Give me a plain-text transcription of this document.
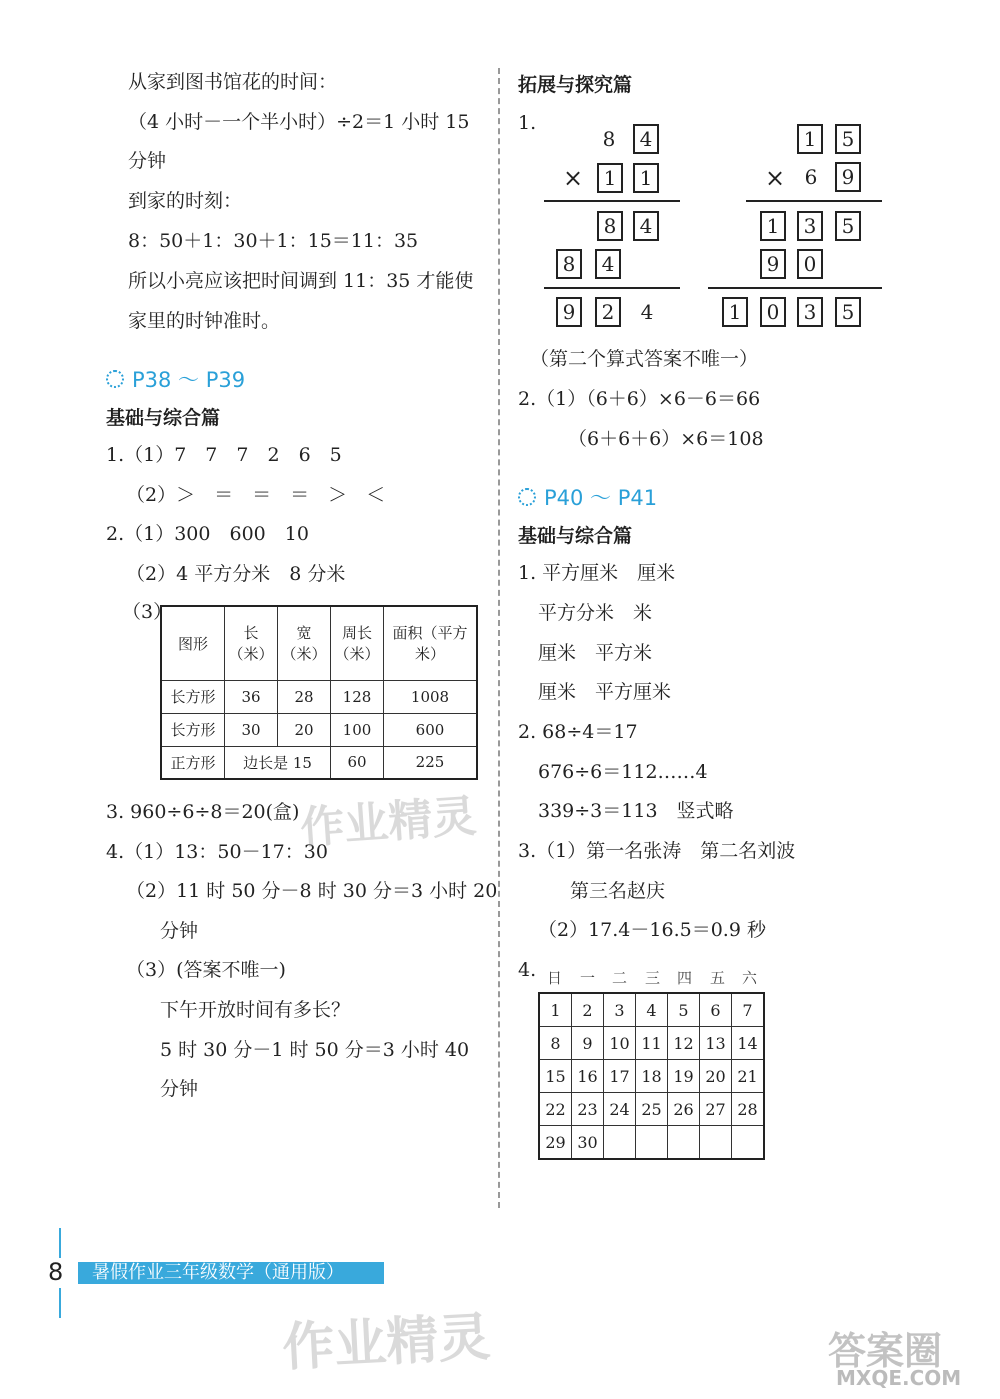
从家到图书馆花的时间：
（4 小时－一个半小时）÷2＝1 小时 15
分钟
到家的时刻：
8：50＋1：30＋1：15＝11：35
所以小亮应该把时间调到 11：35 才能使
家里的时钟准时。
P38 ～ P39
基础与综合篇
1.（1）7　7　7　2　6　5
（2）＞　＝　＝　＝　＞　＜
2.（1）300　600　10
（2）4 平方分米　8 分米
（3）
图形	长（米）	宽（米）	周长（米）	面积（平方米）
长方形	36	28	128	1008
长方形	30	20	100	600
正方形	边长是 15		60	225
3. 960÷6÷8＝20(盒)
4.（1）13：50－17：30
（2）11 时 50 分－8 时 30 分＝3 小时 20
分钟
（3）(答案不唯一)
下午开放时间有多长？
5 时 30 分－1 时 50 分＝3 小时 40
分钟
拓展与探究篇
1.
8	4
×	1	1
8	4
8	4
9	2	4
1	5
× 6	9
1	3	5
9	0
1	0	3	5
（第二个算式答案不唯一）
2.（1）（6＋6）×6－6＝66
（6＋6＋6）×6＝108
P40 ～ P41
基础与综合篇
1. 平方厘米　厘米
平方分米　米
厘米　平方米
厘米　平方厘米
2. 68÷4＝17
676÷6＝112……4
339÷3＝113　竖式略
3.（1）第一名张涛　第二名刘波
第三名赵庆
（2）17.4－16.5＝0.9 秒
4. 日 一 二 三 四 五 六
1	2	3	4	5	6	7
8	9	10	11	12	13	14
15	16	17	18	19	20	21
22	23	24	25	26	27	28
29	30					
作业精灵
作业精灵	答案圈
MXQE.COM
8	暑假作业三年级数学（通用版）
